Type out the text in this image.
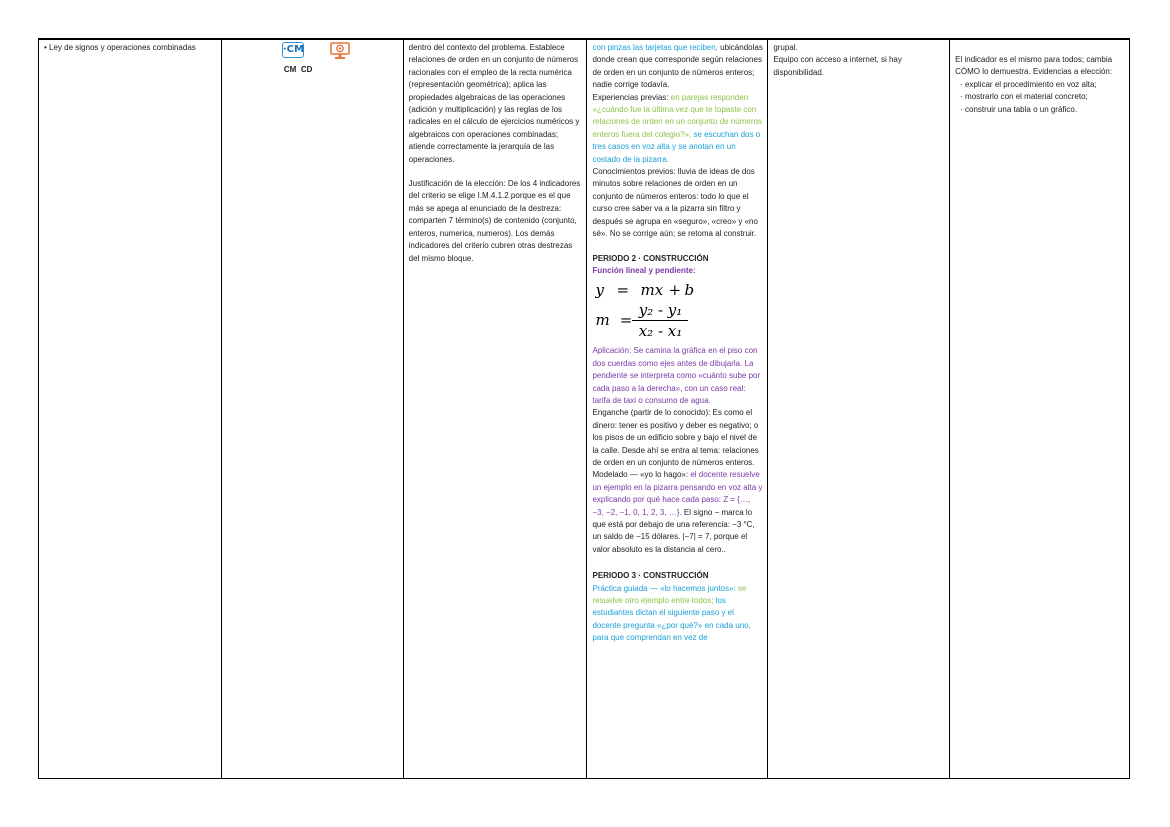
• Ley de signos y operaciones combinadas	·CM
CM CD

dentro del contexto del problema. Establece relaciones de orden en un conjunto de números racionales con el empleo de la recta numérica (representación geométrica); aplica las propiedades algebraicas de las operaciones (adición y multiplicación) y las reglas de los radicales en el cálculo de ejercicios numéricos y algebraicos con operaciones combinadas; atiende correctamente la jerarquía de las operaciones.

Justificación de la elección: De los 4 indicadores del criterio se elige I.M.4.1.2 porque es el que más se apega al enunciado de la destreza: comparten 7 término(s) de contenido (conjunto, enteros, numerica, numeros). Los demás indicadores del criterio cubren otras destrezas del mismo bloque.

con pinzas las tarjetas que reciben, ubicándolas donde crean que corresponde según relaciones de orden en un conjunto de números enteros; nadie corrige todavía.

Experiencias previas: en parejas responden «¿cuándo fue la última vez que te topaste con relaciones de orden en un conjunto de números enteros fuera del colegio?»; se escuchan dos o tres casos en voz alta y se anotan en un costado de la pizarra.

Conocimientos previos: lluvia de ideas de dos minutos sobre relaciones de orden en un conjunto de números enteros: todo lo que el curso cree saber va a la pizarra sin filtro y después se agrupa en «seguro», «creo» y «no sé». No se corrige aún; se retoma al construir.

PERIODO 2 · CONSTRUCCIÓN

Función lineal y pendiente:

y = mx + b
m =
y₂ - y₁
x₂ - x₁

Aplicación: Se camina la gráfica en el piso con dos cuerdas como ejes antes de dibujarla. La pendiente se interpreta como «cuánto sube por cada paso a la derecha», con un caso real: tarifa de taxi o consumo de agua.

Enganche (partir de lo conocido): Es como el dinero: tener es positivo y deber es negativo; o los pisos de un edificio sobre y bajo el nivel de la calle. Desde ahí se entra al tema: relaciones de orden en un conjunto de números enteros.

Modelado — «yo lo hago»: el docente resuelve un ejemplo en la pizarra pensando en voz alta y explicando por qué hace cada paso: Z = {…, −3, −2, −1, 0, 1, 2, 3, …}. El signo − marca lo que está por debajo de una referencia: −3 °C, un saldo de −15 dólares. |−7| = 7, porque el valor absoluto es la distancia al cero..

PERIODO 3 · CONSTRUCCIÓN

Práctica guiada — «lo hacemos juntos»: se resuelve otro ejemplo entre todos; los estudiantes dictan el siguiente paso y el docente pregunta «¿por qué?» en cada uno, para que comprendan en vez de

grupal.

Equipo con acceso a internet, si hay disponibilidad.

El indicador es el mismo para todos; cambia CÓMO lo demuestra. Evidencias a elección:

· explicar el procedimiento en voz alta;

· mostrarlo con el material concreto;

· construir una tabla o un gráfico.
